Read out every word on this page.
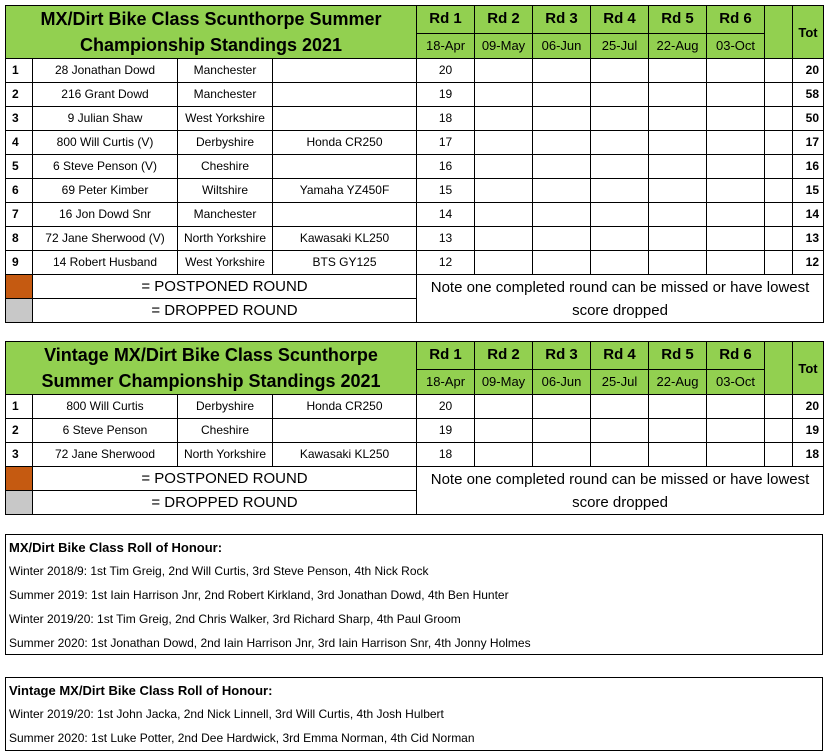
MX/Dirt Bike Class Scunthorpe Summer Championship Standings 2021				Rd 1	Rd 2	Rd 3	Rd 4	Rd 5	Rd 6		Tot
				18-Apr	09-May	06-Jun	25-Jul	22-Aug	03-Oct		
1	28 Jonathan Dowd	Manchester		20							20
2	216 Grant Dowd	Manchester		19							58
3	9 Julian Shaw	West Yorkshire		18							50
4	800 Will Curtis (V)	Derbyshire	Honda CR250	17							17
5	6 Steve Penson (V)	Cheshire		16							16
6	69 Peter Kimber	Wiltshire	Yamaha YZ450F	15							15
7	16 Jon Dowd Snr	Manchester		14							14
8	72 Jane Sherwood (V)	North Yorkshire	Kawasaki KL250	13							13
9	14 Robert Husband	West Yorkshire	BTS GY125	12							12
	= POSTPONED ROUND			Note one completed round can be missed or have lowest score dropped							
	= DROPPED ROUND										
Vintage MX/Dirt Bike Class Scunthorpe Summer Championship Standings 2021				Rd 1	Rd 2	Rd 3	Rd 4	Rd 5	Rd 6		Tot
				18-Apr	09-May	06-Jun	25-Jul	22-Aug	03-Oct		
1	800 Will Curtis	Derbyshire	Honda CR250	20							20
2	6 Steve Penson	Cheshire		19							19
3	72 Jane Sherwood	North Yorkshire	Kawasaki KL250	18							18
	= POSTPONED ROUND			Note one completed round can be missed or have lowest score dropped							
	= DROPPED ROUND										
MX/Dirt Bike Class Roll of Honour:
Winter 2018/9: 1st Tim Greig, 2nd Will Curtis, 3rd Steve Penson, 4th Nick Rock
Summer 2019: 1st Iain Harrison Jnr, 2nd Robert Kirkland, 3rd Jonathan Dowd, 4th Ben Hunter
Winter 2019/20: 1st Tim Greig, 2nd Chris Walker, 3rd Richard Sharp, 4th Paul Groom
Summer 2020: 1st Jonathan Dowd, 2nd Iain Harrison Jnr, 3rd Iain Harrison Snr, 4th Jonny Holmes
Vintage MX/Dirt Bike Class Roll of Honour:
Winter 2019/20: 1st John Jacka, 2nd Nick Linnell, 3rd Will Curtis, 4th Josh Hulbert
Summer 2020: 1st Luke Potter, 2nd Dee Hardwick, 3rd Emma Norman, 4th Cid Norman
